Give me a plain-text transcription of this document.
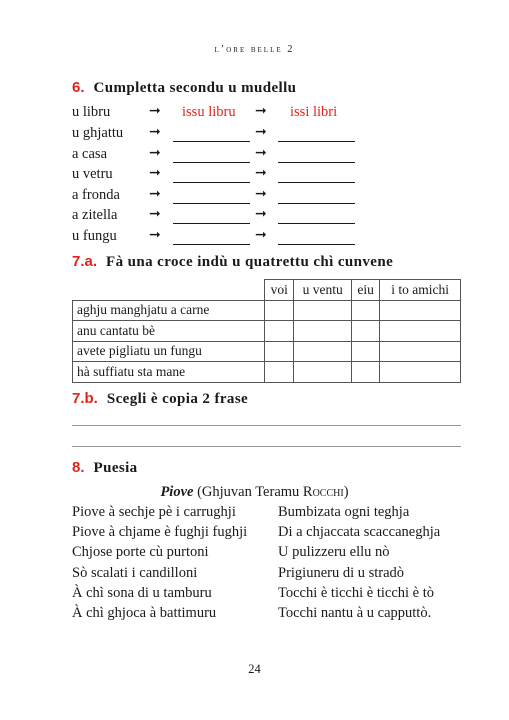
l’ore belle 2
6. Cumpletta secondu u mudellu
u libru	➞ issu libru ➞ issi libri
u ghjattu ➞	➞
a casa	➞	➞
u vetru	➞	➞
a fronda ➞	➞
a zitella ➞	➞
u fungu ➞	➞
7.a. Fà una croce indù u quatrettu chì cunvene
	voi	u ventu	eiu	i to amichi
aghju manghjatu a carne				
anu cantatu bè				
avete pigliatu un fungu				
hà suffiatu sta mane				
7.b. Scegli è copia 2 frase
8. Puesia
Piove (Ghjuvan Teramu Rocchi)
Piove à sechje pè i carrughji
Piove à chjame è fughji fughji
Chjose porte cù purtoni
Sò scalati i candilloni
À chì sona di u tamburu
À chì ghjoca à battimuru
Bumbizata ogni teghja
Di a chjaccata scaccaneghja
U pulizzeru ellu nò
Prigiuneru di u stradò
Tocchi è ticchi è ticchi è tò
Tocchi nantu à u capputtò.
24
